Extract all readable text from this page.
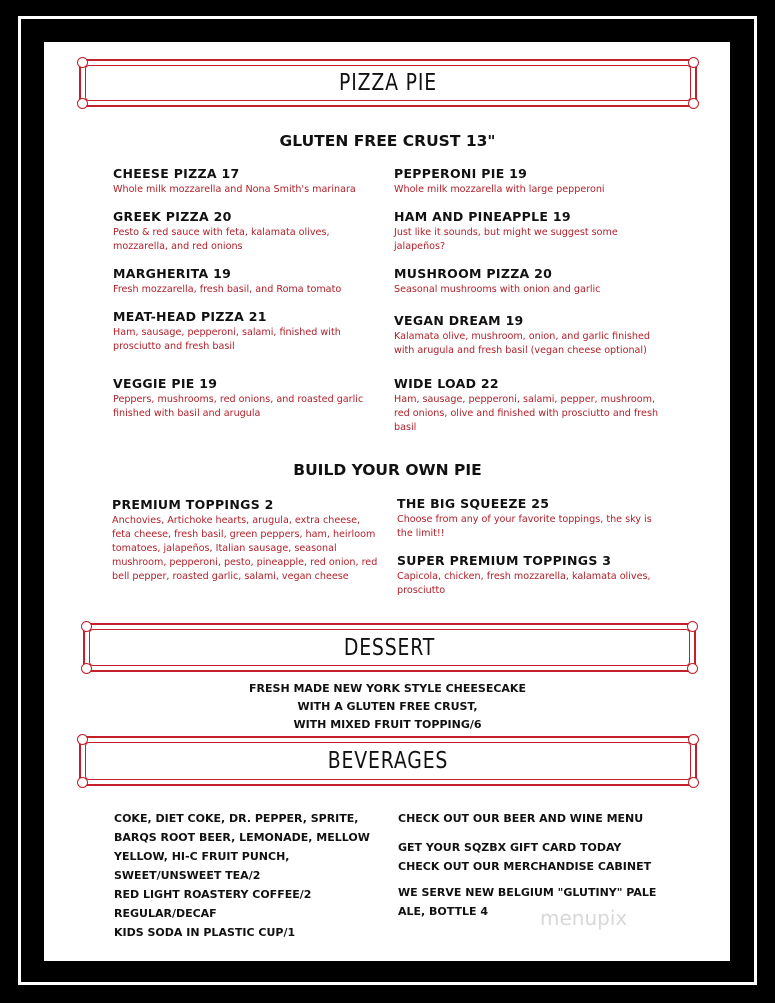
PIZZA PIE
GLUTEN FREE CRUST 13"
CHEESE PIZZA 17
Whole milk mozzarella and Nona Smith's marinara
PEPPERONI PIE 19
Whole milk mozzarella with large pepperoni
GREEK PIZZA 20
Pesto & red sauce with feta, kalamata olives, mozzarella, and red onions
HAM AND PINEAPPLE 19
Just like it sounds, but might we suggest some jalapeños?
MARGHERITA 19
Fresh mozzarella, fresh basil, and Roma tomato
MUSHROOM PIZZA 20
Seasonal mushrooms with onion and garlic
MEAT-HEAD PIZZA 21
Ham, sausage, pepperoni, salami, finished with prosciutto and fresh basil
VEGAN DREAM 19
Kalamata olive, mushroom, onion, and garlic finished with arugula and fresh basil (vegan cheese optional)
VEGGIE PIE 19
Peppers, mushrooms, red onions, and roasted garlic finished with basil and arugula
WIDE LOAD 22
Ham, sausage, pepperoni, salami, pepper, mushroom, red onions, olive and finished with prosciutto and fresh basil
BUILD YOUR OWN PIE
PREMIUM TOPPINGS 2
Anchovies, Artichoke hearts, arugula, extra cheese, feta cheese, fresh basil, green peppers, ham, heirloom tomatoes, jalapeños, Italian sausage, seasonal mushroom, pepperoni, pesto, pineapple, red onion, red bell pepper, roasted garlic, salami, vegan cheese
THE BIG SQUEEZE 25
Choose from any of your favorite toppings, the sky is the limit!!
SUPER PREMIUM TOPPINGS 3
Capicola, chicken, fresh mozzarella, kalamata olives, prosciutto
DESSERT
FRESH MADE NEW YORK STYLE CHEESECAKE
WITH A GLUTEN FREE CRUST,
WITH MIXED FRUIT TOPPING/6
BEVERAGES
COKE, DIET COKE, DR. PEPPER, SPRITE,
BARQS ROOT BEER, LEMONADE, MELLOW
YELLOW, HI-C FRUIT PUNCH,
SWEET/UNSWEET TEA/2
RED LIGHT ROASTERY COFFEE/2
REGULAR/DECAF
KIDS SODA IN PLASTIC CUP/1
CHECK OUT OUR BEER AND WINE MENU
GET YOUR SQZBX GIFT CARD TODAY
CHECK OUT OUR MERCHANDISE CABINET
WE SERVE NEW BELGIUM "GLUTINY" PALE
ALE, BOTTLE 4	menupix
